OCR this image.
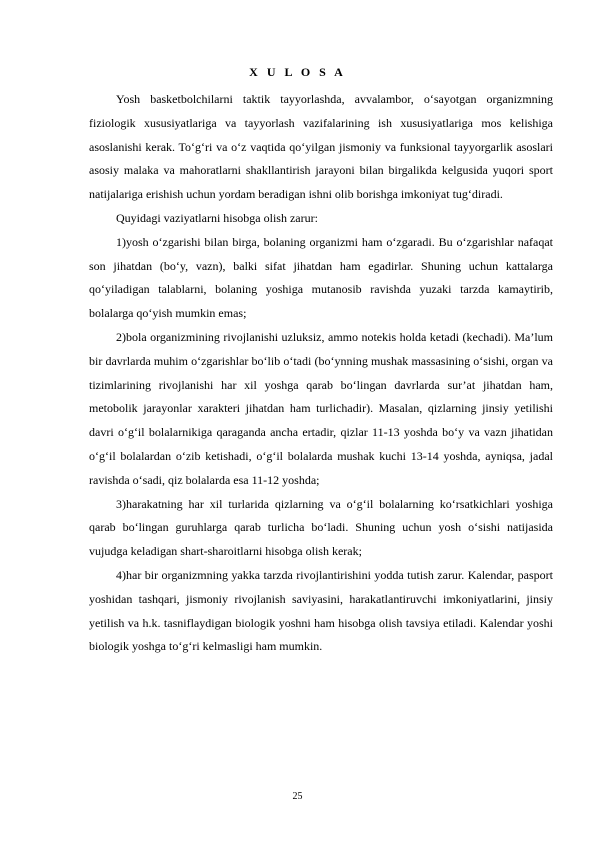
X U L O S A

Yosh basketbolchilarni taktik tayyorlashda, avvalambor, o‘sayotgan organizmning fiziologik xususiyatlariga va tayyorlash vazifalarining ish xususiyatlariga mos kelishiga asoslanishi kerak. To‘g‘ri va o‘z vaqtida qo‘yilgan jismoniy va funksional tayyorgarlik asoslari asosiy malaka va mahoratlarni shakllantirish jarayoni bilan birgalikda kelgusida yuqori sport natijalariga erishish uchun yordam beradigan ishni olib borishga imkoniyat tug‘diradi.

Quyidagi vaziyatlarni hisobga olish zarur:

1)yosh o‘zgarishi bilan birga, bolaning organizmi ham o‘zgaradi. Bu o‘zgarishlar nafaqat son jihatdan (bo‘y, vazn), balki sifat jihatdan ham egadirlar. Shuning uchun kattalarga qo‘yiladigan talablarni, bolaning yoshiga mutanosib ravishda yuzaki tarzda kamaytirib, bolalarga qo‘yish mumkin emas;

2)bola organizmining rivojlanishi uzluksiz, ammo notekis holda ketadi (kechadi). Ma’lum bir davrlarda muhim o‘zgarishlar bo‘lib o‘tadi (bo‘ynning mushak massasining o‘sishi, organ va tizimlarining rivojlanishi har xil yoshga qarab bo‘lingan davrlarda sur’at jihatdan ham, metobolik jarayonlar xarakteri jihatdan ham turlichadir). Masalan, qizlarning jinsiy yetilishi davri o‘g‘il bolalarnikiga qaraganda ancha ertadir, qizlar 11-13 yoshda bo‘y va vazn jihatidan o‘g‘il bolalardan o‘zib ketishadi, o‘g‘il bolalarda mushak kuchi 13-14 yoshda, ayniqsa, jadal ravishda o‘sadi, qiz bolalarda esa 11-12 yoshda;

3)harakatning har xil turlarida qizlarning va o‘g‘il bolalarning ko‘rsatkichlari yoshiga qarab bo‘lingan guruhlarga qarab turlicha bo‘ladi. Shuning uchun yosh o‘sishi natijasida vujudga keladigan shart-sharoitlarni hisobga olish kerak;

4)har bir organizmning yakka tarzda rivojlantirishini yodda tutish zarur. Kalendar, pasport yoshidan tashqari, jismoniy rivojlanish saviyasini, harakatlantiruvchi imkoniyatlarini, jinsiy yetilish va h.k. tasniflaydigan biologik yoshni ham hisobga olish tavsiya etiladi. Kalendar yoshi biologik yoshga to‘g‘ri kelmasligi ham mumkin.

25
